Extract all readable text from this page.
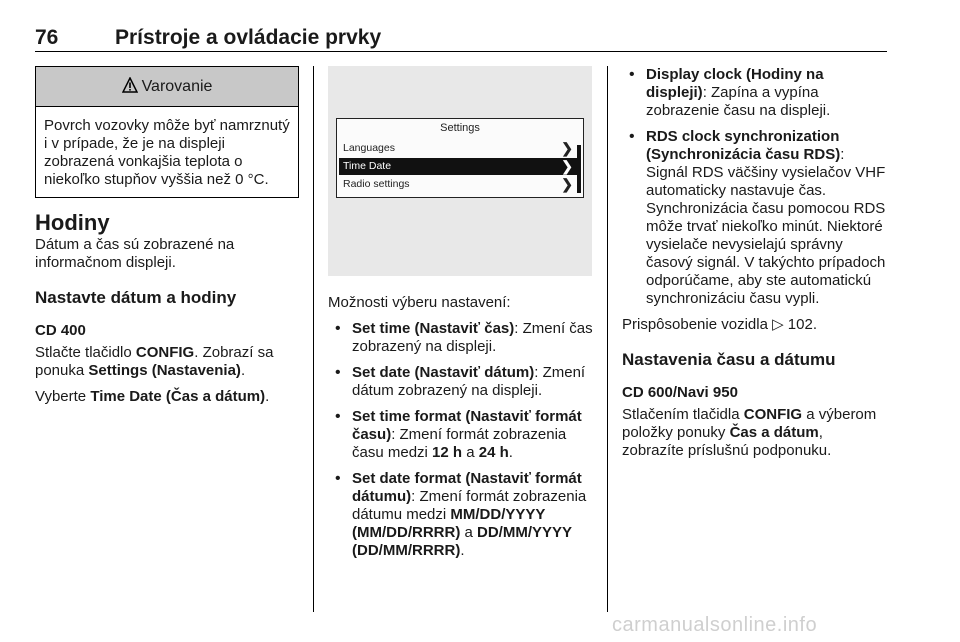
76	Prístroje a ovládacie prvky
Varovanie
Povrch vozovky môže byť namrznutý i v prípade, že je na displeji zobrazená vonkajšia teplota o niekoľko stupňov vyššia než 0 °C.
Hodiny

Dátum a čas sú zobrazené na informačnom displeji.

Nastavte dátum a hodiny
CD 400

Stlačte tlačidlo CONFIG. Zobrazí sa ponuka Settings (Nastavenia).

Vyberte Time Date (Čas a dátum).

Settings
Languages	❯
Time Date	❯
Radio settings	❯

Možnosti výberu nastavení:

• Set time (Nastaviť čas): Zmení čas zobrazený na displeji.
• Set date (Nastaviť dátum): Zmení dátum zobrazený na displeji.
• Set time format (Nastaviť formát času): Zmení formát zobrazenia času medzi 12 h a 24 h.
• Set date format (Nastaviť formát dátumu): Zmení formát zobrazenia dátumu medzi MM/DD/YYYY (MM/DD/RRRR) a DD/MM/YYYY (DD/MM/RRRR).
• Display clock (Hodiny na displeji): Zapína a vypína zobrazenie času na displeji.
• RDS clock synchronization (Synchronizácia času RDS): Signál RDS väčšiny vysielačov VHF automaticky nastavuje čas. Synchronizácia času pomocou RDS môže trvať niekoľko minút. Niektoré vysielače nevysielajú správny časový signál. V takýchto prípadoch odporúčame, aby ste automatickú synchronizáciu času vypli.

Prispôsobenie vozidla ▷ 102.

Nastavenia času a dátumu
CD 600/Navi 950

Stlačením tlačidla CONFIG a výberom položky ponuky Čas a dátum, zobrazíte príslušnú podponuku.

carmanualsonline.info
